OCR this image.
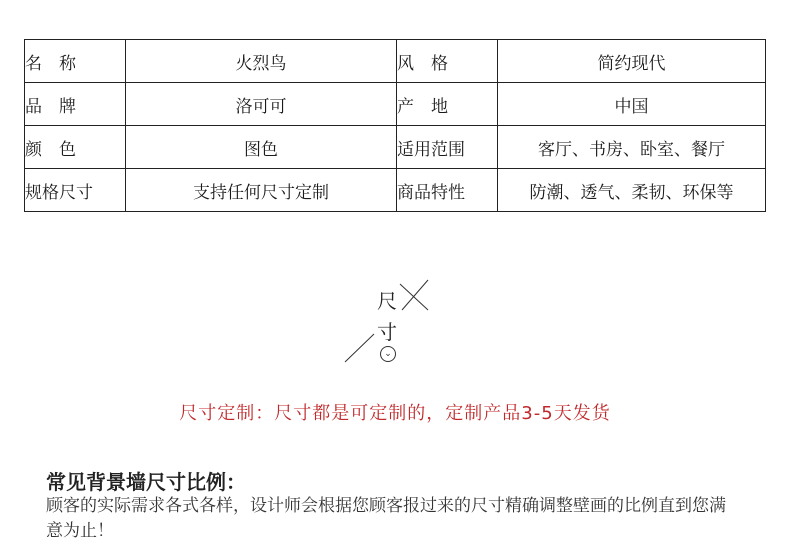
名　称	火烈鸟	风　格	简约现代
品　牌	洛可可	产　地	中国
颜　色	图色	适用范围	客厅、书房、卧室、餐厅
规格尺寸	支持任何尺寸定制	商品特性	防潮、透气、柔韧、环保等
尺
寸
⌄
尺寸定制：尺寸都是可定制的，定制产品3-5天发货
常见背景墙尺寸比例：
顾客的实际需求各式各样，设计师会根据您顾客报过来的尺寸精确调整壁画的比例直到您满意为止！
